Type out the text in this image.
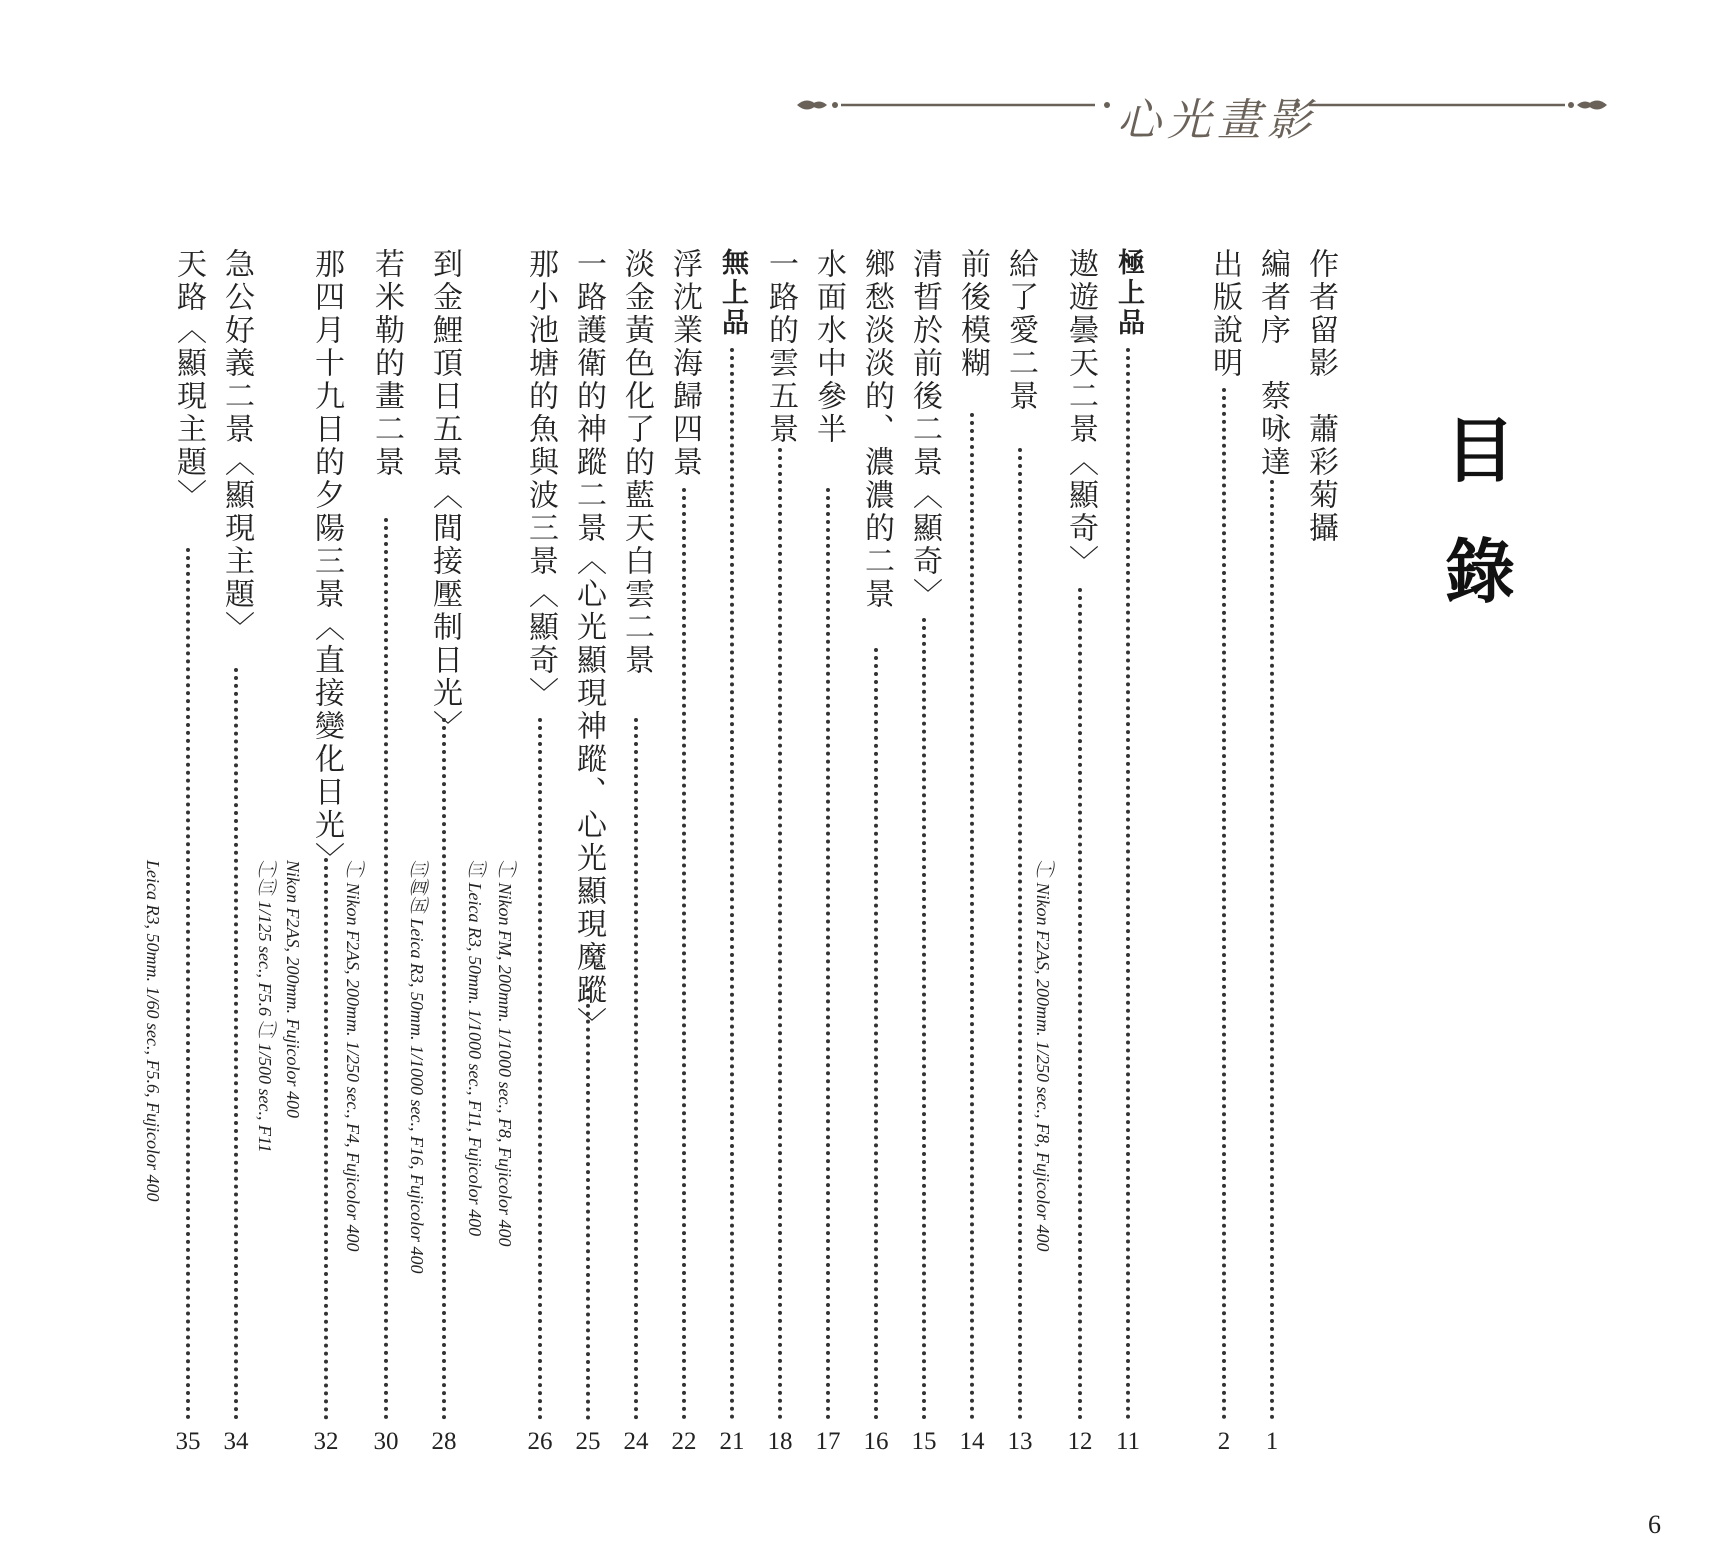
心光畫影
目
錄
作者留影　蕭彩菊攝
編者序　蔡咏達
1
出版說明
2
極上品
11
遨遊曇天二景〈顯奇〉
12
㈠ Nikon F2AS, 200mm. 1/250 sec., F8, Fujicolor 400
給了愛二景
13
前後模糊
14
清晢於前後二景〈顯奇〉
15
鄉愁淡淡的、濃濃的二景
16
水面水中參半
17
一路的雲五景
18
無上品
21
浮沈業海歸四景
22
淡金黃色化了的藍天白雲二景
24
一路護衛的神蹤二景〈心光顯現神蹤、心光顯現魔蹤〉
25
那小池塘的魚與波三景〈顯奇〉
26
㈠ Nikon FM, 200mm. 1/1000 sec., F8, Fujicolor 400
㈢ Leica R3, 50mm. 1/1000 sec., F11, Fujicolor 400
到金鯉頂日五景〈間接壓制日光〉
28
㈢㈣㈤ Leica R3, 50mm. 1/1000 sec., F16, Fujicolor 400
若米勒的畫二景
30
㈠ Nikon F2AS, 200mm. 1/250 sec., F4, Fujicolor 400
那四月十九日的夕陽三景〈直接變化日光〉
32
Nikon F2AS, 200mm. Fujicolor 400
㈠㈢ 1/125 sec., F5.6 ㈡ 1/500 sec., F11
急公好義二景〈顯現主題〉
34
天路〈顯現主題〉
35
Leica R3, 50mm. 1/60 sec., F5.6, Fujicolor 400
6
